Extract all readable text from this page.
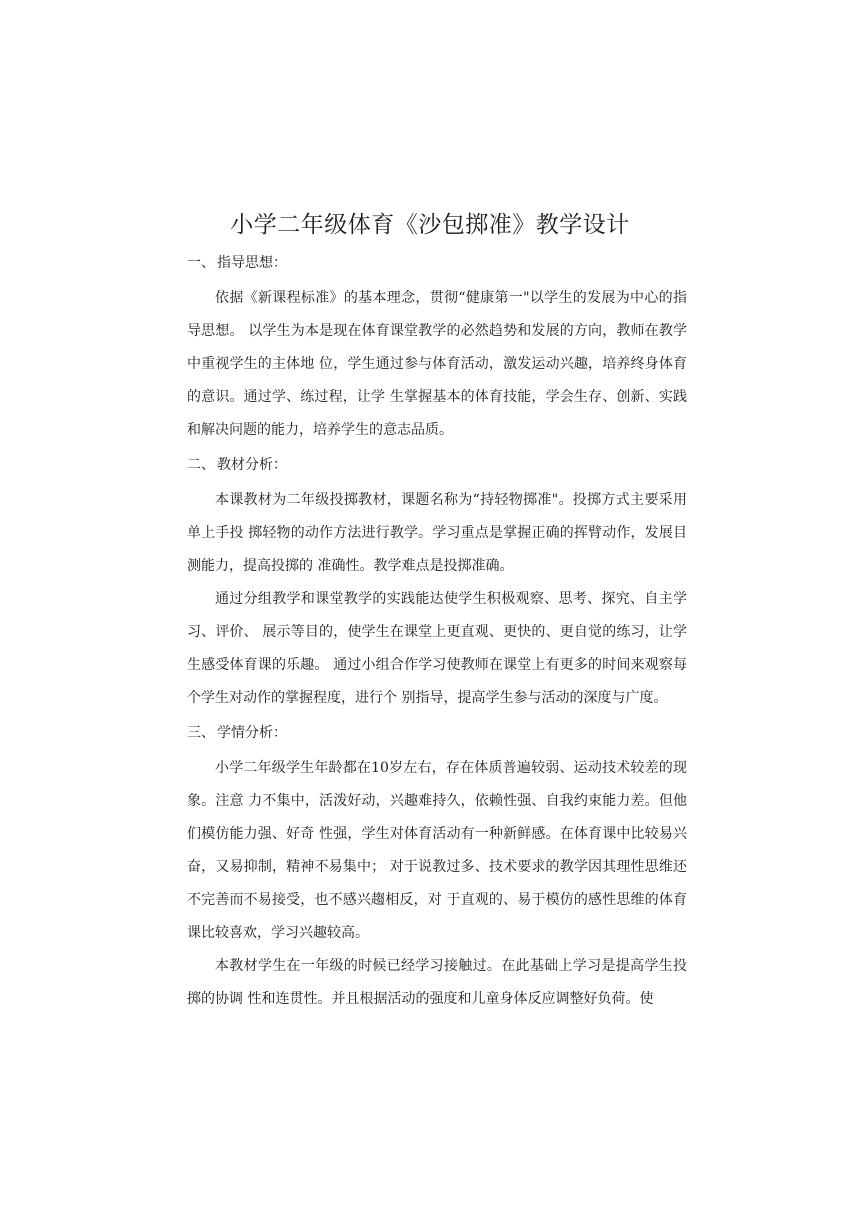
小学二年级体育《沙包掷准》教学设计
一、 指导思想：

依据《新课程标准》的基本理念，贯彻“健康第一"以学生的发展为中心的指导思想。 以学生为本是现在体育课堂教学的必然趋势和发展的方向，教师在教学中重视学生的主体地 位，学生通过参与体育活动，激发运动兴趣，培养终身体育的意识。通过学、练过程，让学 生掌握基本的体育技能，学会生存、创新、实践和解决问题的能力，培养学生的意志品质。

二、 教材分析：

本课教材为二年级投掷教材，课题名称为“持轻物掷准"。投掷方式主要采用单上手投 掷轻物的动作方法进行教学。学习重点是掌握正确的挥臂动作，发展目测能力，提高投掷的 准确性。教学难点是投掷准确。

通过分组教学和课堂教学的实践能达使学生积极观察、思考、探究、自主学习、评价、 展示等目的，使学生在课堂上更直观、更快的、更自觉的练习，让学生感受体育课的乐趣。 通过小组合作学习使教师在课堂上有更多的时间来观察每个学生对动作的掌握程度，进行个 别指导，提高学生参与活动的深度与广度。

三、 学情分析：

小学二年级学生年龄都在10岁左右，存在体质普遍较弱、运动技术较差的现象。注意 力不集中，活泼好动，兴趣难持久，依赖性强、自我约束能力差。但他们模仿能力强、好奇 性强，学生对体育活动有一种新鲜感。在体育课中比较易兴奋，又易抑制，精神不易集中； 对于说教过多、技术要求的教学因其理性思维还不完善而不易接受，也不感兴趨相反，对 于直观的、易于模仿的感性思维的体育课比较喜欢，学习兴趣较高。

本教材学生在一年级的时候已经学习接触过。在此基础上学习是提高学生投掷的协调 性和连贯性。并且根据活动的强度和儿童身体反应调整好负荷。使
